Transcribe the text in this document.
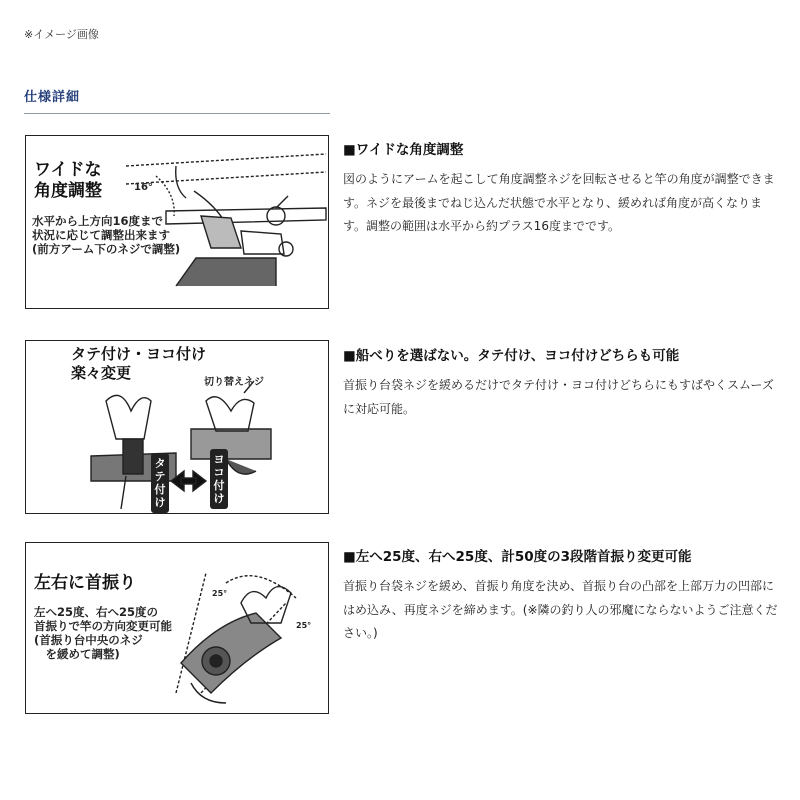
※イメージ画像
仕様詳細
ワイドな
角度調整
水平から上方向16度まで
状況に応じて調整出来ます
(前方アーム下のネジで調整)
16°
■ワイドな角度調整

図のようにアームを起こして角度調整ネジを回転させると竿の角度が調整できます。ネジを最後までねじ込んだ状態で水平となり、緩めれば角度が高くなります。調整の範囲は水平から約プラス16度までです。

タテ付け・ヨコ付け
楽々変更
切り替えネジ
タテ付け
ヨコ付け
■船べりを選ばない。タテ付け、ヨコ付けどちらも可能

首振り台袋ネジを緩めるだけでタテ付け・ヨコ付けどちらにもすばやくスムーズに対応可能。

左右に首振り
左へ25度、右へ25度の
首振りで竿の方向変更可能
(首振り台中央のネジ
　を緩めて調整)
25°
25°
■左へ25度、右へ25度、計50度の3段階首振り変更可能

首振り台袋ネジを緩め、首振り角度を決め、首振り台の凸部を上部万力の凹部にはめ込み、再度ネジを締めます。(※隣の釣り人の邪魔にならないようご注意ください。)
